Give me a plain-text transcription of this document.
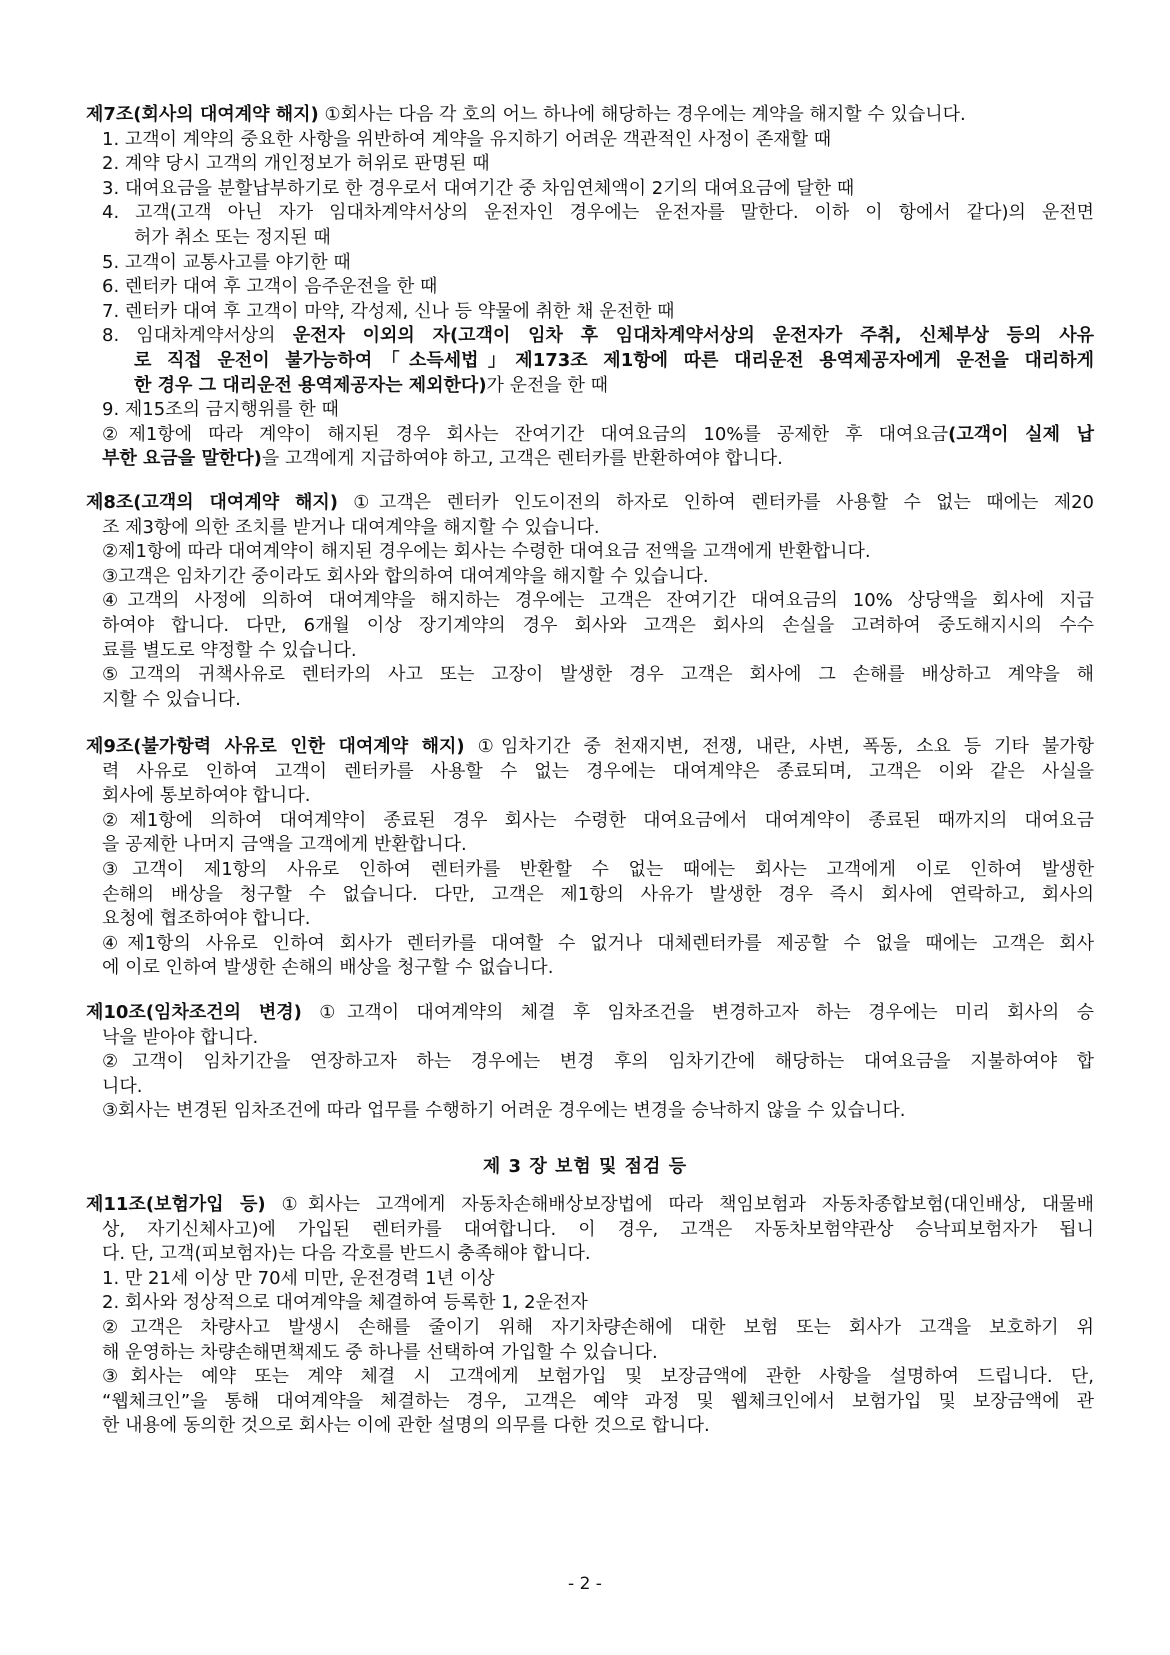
제7조(회사의 대여계약 해지) ①회사는 다음 각 호의 어느 하나에 해당하는 경우에는 계약을 해지할 수 있습니다.
1. 고객이 계약의 중요한 사항을 위반하여 계약을 유지하기 어려운 객관적인 사정이 존재할 때
2. 계약 당시 고객의 개인정보가 허위로 판명된 때
3. 대여요금을 분할납부하기로 한 경우로서 대여기간 중 차임연체액이 2기의 대여요금에 달한 때
4. 고객(고객 아닌 자가 임대차계약서상의 운전자인 경우에는 운전자를 말한다. 이하 이 항에서 같다)의 운전면
허가 취소 또는 정지된 때
5. 고객이 교통사고를 야기한 때
6. 렌터카 대여 후 고객이 음주운전을 한 때
7. 렌터카 대여 후 고객이 마약, 각성제, 신나 등 약물에 취한 채 운전한 때
8. 임대차계약서상의 운전자 이외의 자(고객이 임차 후 임대차계약서상의 운전자가 주취, 신체부상 등의 사유
로 직접 운전이 불가능하여「소득세법」제173조 제1항에 따른 대리운전 용역제공자에게 운전을 대리하게
한 경우 그 대리운전 용역제공자는 제외한다)가 운전을 한 때
9. 제15조의 금지행위를 한 때
②제1항에 따라 계약이 해지된 경우 회사는 잔여기간 대여요금의 10%를 공제한 후 대여요금(고객이 실제 납
부한 요금을 말한다)을 고객에게 지급하여야 하고, 고객은 렌터카를 반환하여야 합니다.
제8조(고객의 대여계약 해지) ①고객은 렌터카 인도이전의 하자로 인하여 렌터카를 사용할 수 없는 때에는 제20
조 제3항에 의한 조치를 받거나 대여계약을 해지할 수 있습니다.
②제1항에 따라 대여계약이 해지된 경우에는 회사는 수령한 대여요금 전액을 고객에게 반환합니다.
③고객은 임차기간 중이라도 회사와 합의하여 대여계약을 해지할 수 있습니다.
④고객의 사정에 의하여 대여계약을 해지하는 경우에는 고객은 잔여기간 대여요금의 10% 상당액을 회사에 지급
하여야 합니다. 다만, 6개월 이상 장기계약의 경우 회사와 고객은 회사의 손실을 고려하여 중도해지시의 수수
료를 별도로 약정할 수 있습니다.
⑤고객의 귀책사유로 렌터카의 사고 또는 고장이 발생한 경우 고객은 회사에 그 손해를 배상하고 계약을 해
지할 수 있습니다.
제9조(불가항력 사유로 인한 대여계약 해지) ①임차기간 중 천재지변, 전쟁, 내란, 사변, 폭동, 소요 등 기타 불가항
력 사유로 인하여 고객이 렌터카를 사용할 수 없는 경우에는 대여계약은 종료되며, 고객은 이와 같은 사실을
회사에 통보하여야 합니다.
②제1항에 의하여 대여계약이 종료된 경우 회사는 수령한 대여요금에서 대여계약이 종료된 때까지의 대여요금
을 공제한 나머지 금액을 고객에게 반환합니다.
③고객이 제1항의 사유로 인하여 렌터카를 반환할 수 없는 때에는 회사는 고객에게 이로 인하여 발생한
손해의 배상을 청구할 수 없습니다. 다만, 고객은 제1항의 사유가 발생한 경우 즉시 회사에 연락하고, 회사의
요청에 협조하여야 합니다.
④제1항의 사유로 인하여 회사가 렌터카를 대여할 수 없거나 대체렌터카를 제공할 수 없을 때에는 고객은 회사
에 이로 인하여 발생한 손해의 배상을 청구할 수 없습니다.
제10조(임차조건의 변경) ①고객이 대여계약의 체결 후 임차조건을 변경하고자 하는 경우에는 미리 회사의 승
낙을 받아야 합니다.
②고객이 임차기간을 연장하고자 하는 경우에는 변경 후의 임차기간에 해당하는 대여요금을 지불하여야 합
니다.
③회사는 변경된 임차조건에 따라 업무를 수행하기 어려운 경우에는 변경을 승낙하지 않을 수 있습니다.
제11조(보험가입 등) ①회사는 고객에게 자동차손해배상보장법에 따라 책임보험과 자동차종합보험(대인배상, 대물배
상, 자기신체사고)에 가입된 렌터카를 대여합니다. 이 경우, 고객은 자동차보험약관상 승낙피보험자가 됩니
다. 단, 고객(피보험자)는 다음 각호를 반드시 충족해야 합니다.
1. 만 21세 이상 만 70세 미만, 운전경력 1년 이상
2. 회사와 정상적으로 대여계약을 체결하여 등록한 1, 2운전자
②고객은 차량사고 발생시 손해를 줄이기 위해 자기차량손해에 대한 보험 또는 회사가 고객을 보호하기 위
해 운영하는 차량손해면책제도 중 하나를 선택하여 가입할 수 있습니다.
③회사는 예약 또는 계약 체결 시 고객에게 보험가입 및 보장금액에 관한 사항을 설명하여 드립니다. 단,
“웹체크인”을 통해 대여계약을 체결하는 경우, 고객은 예약 과정 및 웹체크인에서 보험가입 및 보장금액에 관
한 내용에 동의한 것으로 회사는 이에 관한 설명의 의무를 다한 것으로 합니다.
제 3 장 보험 및 점검 등
- 2 -
